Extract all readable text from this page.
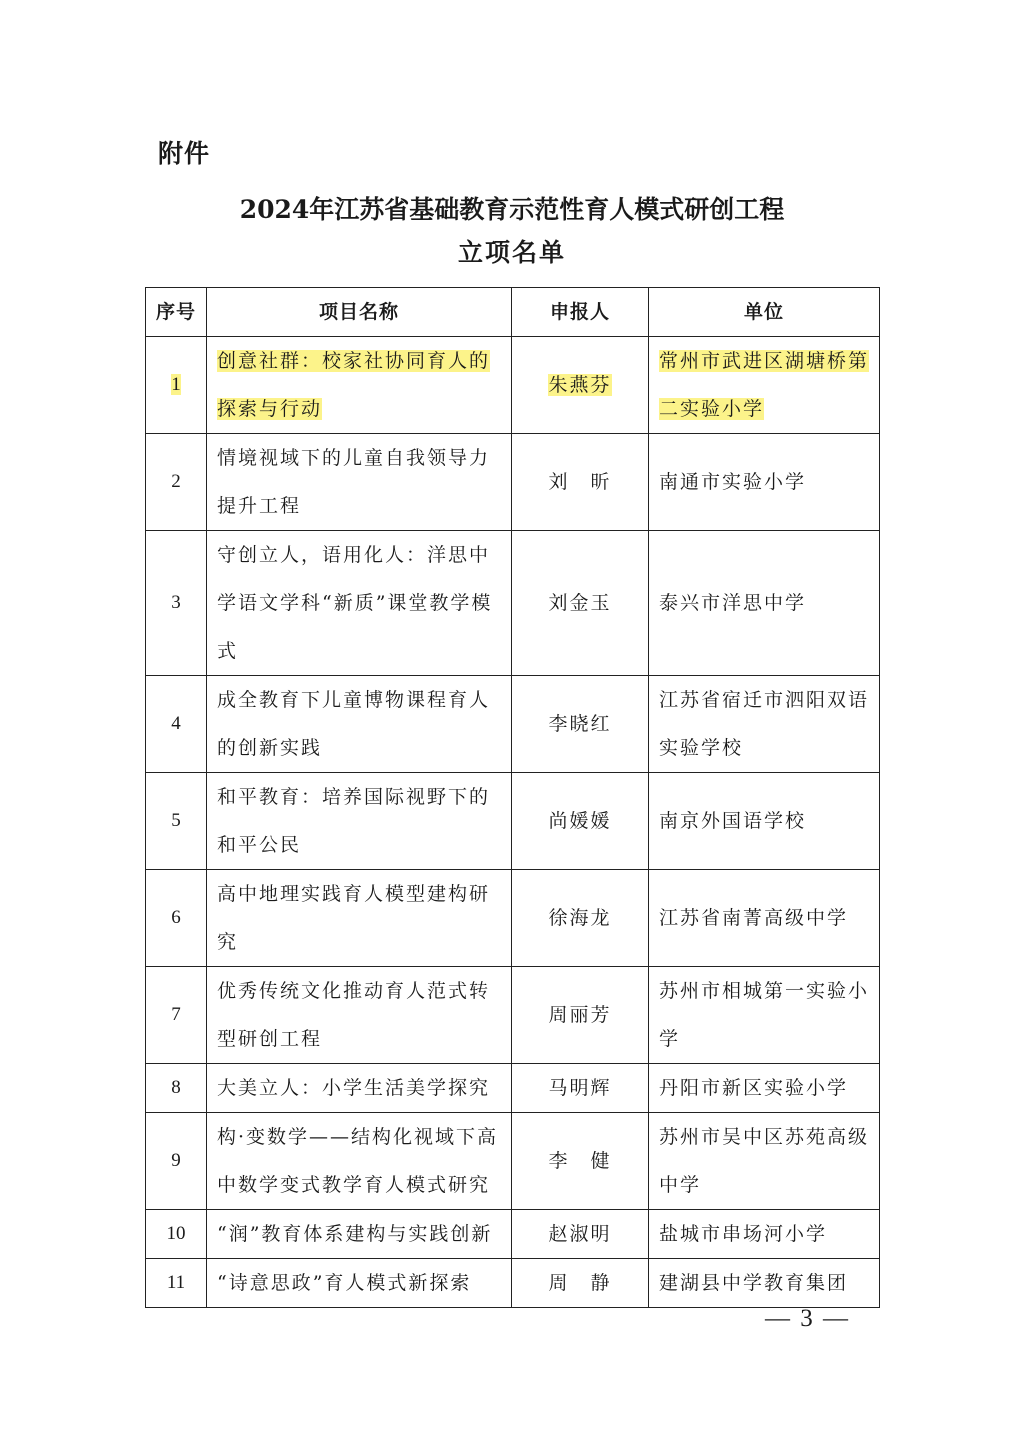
附件
2024年江苏省基础教育示范性育人模式研创工程
立项名单
序号	项目名称	申报人	单位
1	创意社群：校家社协同育人的探索与行动	朱燕芬	常州市武进区湖塘桥第二实验小学
2	情境视域下的儿童自我领导力提升工程	刘　昕	南通市实验小学
3	守创立人，语用化人：洋思中学语文学科“新质”课堂教学模式	刘金玉	泰兴市洋思中学
4	成全教育下儿童博物课程育人的创新实践	李晓红	江苏省宿迁市泗阳双语实验学校
5	和平教育：培养国际视野下的和平公民	尚媛媛	南京外国语学校
6	高中地理实践育人模型建构研究	徐海龙	江苏省南菁高级中学
7	优秀传统文化推动育人范式转型研创工程	周丽芳	苏州市相城第一实验小学
8	大美立人：小学生活美学探究	马明辉	丹阳市新区实验小学
9	构·变数学——结构化视域下高中数学变式教学育人模式研究	李　健	苏州市吴中区苏苑高级中学
10	“润”教育体系建构与实践创新	赵淑明	盐城市串场河小学
11	“诗意思政”育人模式新探索	周　静	建湖县中学教育集团
— 3 —
